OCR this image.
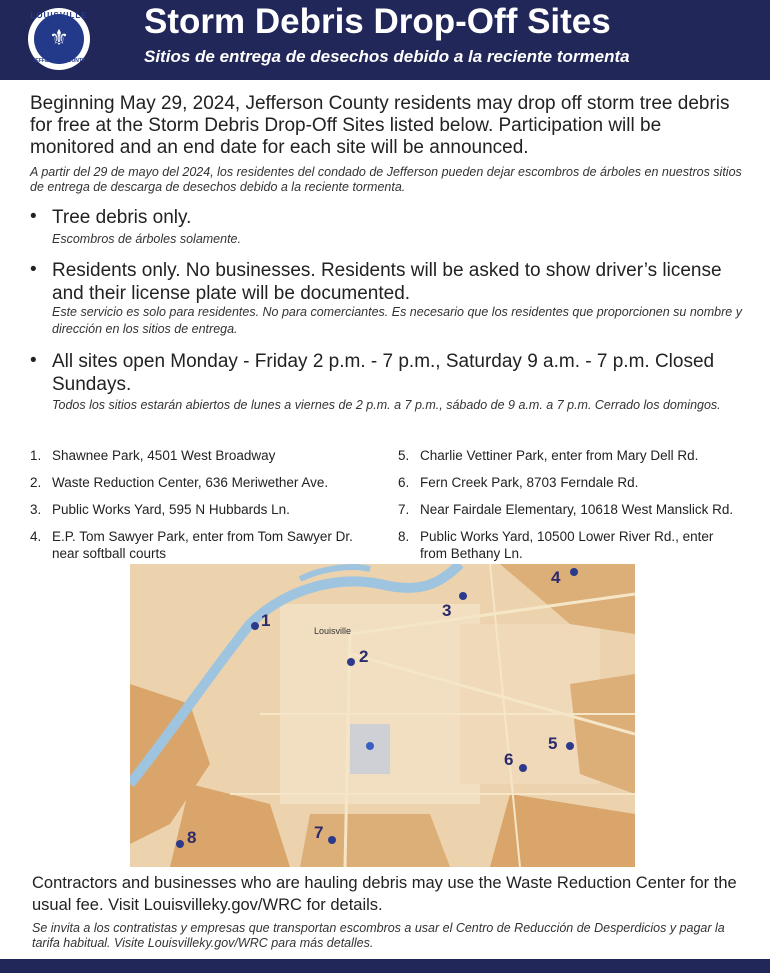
LOUISVILLE
⚜
JEFFERSON COUNTY
Storm Debris Drop-Off Sites
Sitios de entrega de desechos debido a la reciente tormenta
Beginning May 29, 2024, Jefferson County residents may drop off storm tree debris for free at the Storm Debris Drop-Off Sites listed below. Participation will be monitored and an end date for each site will be announced.
A partir del 29 de mayo del 2024, los residentes del condado de Jefferson pueden dejar escombros de árboles en nuestros sitios de entrega de descarga de desechos debido a la reciente tormenta.
• Tree debris only.
Escombros de árboles solamente.
• Residents only. No businesses. Residents will be asked to show driver’s license and their license plate will be documented.
Este servicio es solo para residentes. No para comerciantes. Es necesario que los residentes que proporcionen su nombre y dirección en los sitios de entrega.
• All sites open Monday - Friday 2 p.m. - 7 p.m., Saturday 9 a.m. - 7 p.m. Closed Sundays.
Todos los sitios estarán abiertos de lunes a viernes de 2 p.m. a 7 p.m., sábado de 9 a.m. a 7 p.m. Cerrado los domingos.
1. Shawnee Park, 4501 West Broadway
2. Waste Reduction Center, 636 Meriwether Ave.
3. Public Works Yard, 595 N Hubbards Ln.
4. E.P. Tom Sawyer Park, enter from Tom Sawyer Dr. near softball courts
5. Charlie Vettiner Park, enter from Mary Dell Rd.
6. Fern Creek Park, 8703 Ferndale Rd.
7. Near Fairdale Elementary, 10618 West Manslick Rd.
8. Public Works Yard, 10500 Lower River Rd., enter from Bethany Ln.
Louisville
1
2
3
4
5
6
7
8
Contractors and businesses who are hauling debris may use the Waste Reduction Center for the usual fee. Visit Louisvilleky.gov/WRC for details.
Se invita a los contratistas y empresas que transportan escombros a usar el Centro de Reducción de Desperdicios y pagar la tarifa habitual. Visite Louisvilleky.gov/WRC para más detalles.
